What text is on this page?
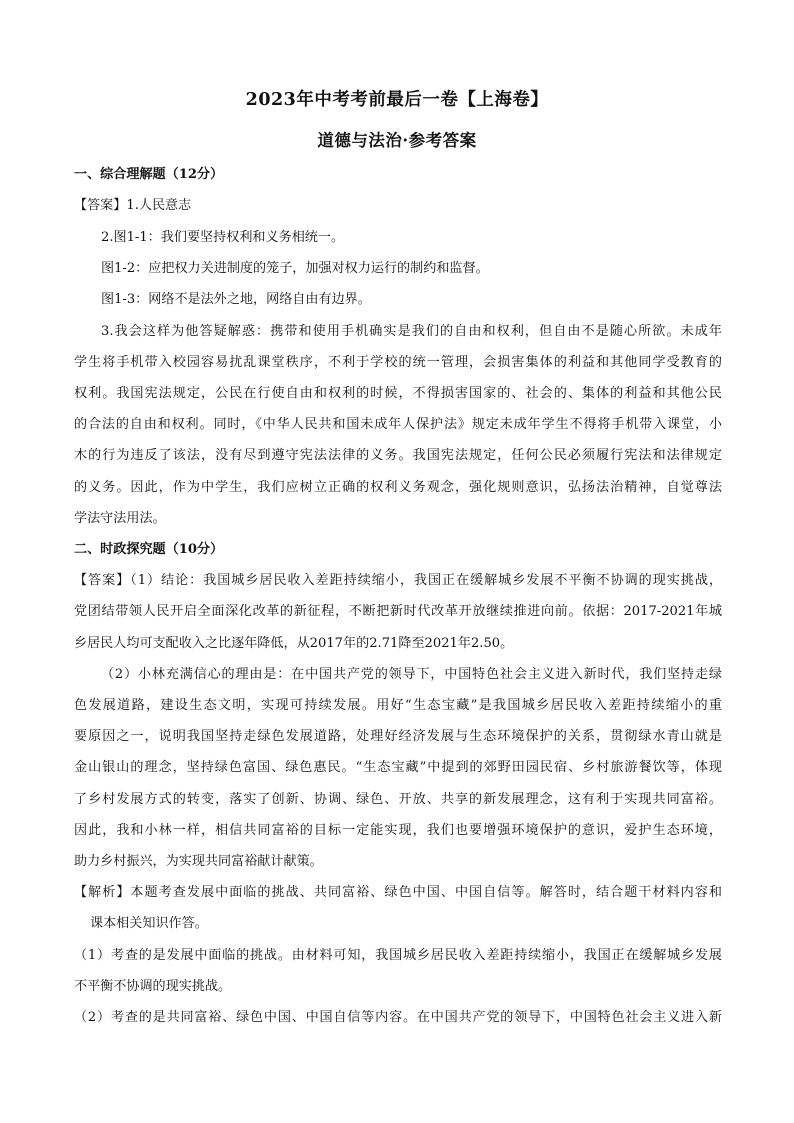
2023年中考考前最后一卷【上海卷】
道德与法治·参考答案
一、综合理解题（12分）
【答案】1.人民意志
2.图1-1：我们要坚持权利和义务相统一。
图1-2：应把权力关进制度的笼子，加强对权力运行的制约和监督。
图1-3：网络不是法外之地，网络自由有边界。
3.我会这样为他答疑解惑：携带和使用手机确实是我们的自由和权利，但自由不是随心所欲。未成年
学生将手机带入校园容易扰乱课堂秩序，不利于学校的统一管理，会损害集体的利益和其他同学受教育的
权利。我国宪法规定，公民在行使自由和权利的时候，不得损害国家的、社会的、集体的利益和其他公民
的合法的自由和权利。同时，《中华人民共和国未成年人保护法》规定未成年学生不得将手机带入课堂，小
木的行为违反了该法，没有尽到遵守宪法法律的义务。我国宪法规定，任何公民必须履行宪法和法律规定
的义务。因此，作为中学生，我们应树立正确的权利义务观念，强化规则意识，弘扬法治精神，自觉尊法
学法守法用法。
二、时政探究题（10分）
【答案】（1）结论：我国城乡居民收入差距持续缩小，我国正在缓解城乡发展不平衡不协调的现实挑战，
党团结带领人民开启全面深化改革的新征程，不断把新时代改革开放继续推进向前。依据：2017-2021年城
乡居民人均可支配收入之比逐年降低，从2017年的2.71降至2021年2.50。
（2）小林充满信心的理由是：在中国共产党的领导下，中国特色社会主义进入新时代，我们坚持走绿
色发展道路，建设生态文明，实现可持续发展。用好“生态宝藏”是我国城乡居民收入差距持续缩小的重
要原因之一，说明我国坚持走绿色发展道路，处理好经济发展与生态环境保护的关系，贯彻绿水青山就是
金山银山的理念，坚持绿色富国、绿色惠民。“生态宝藏”中提到的郊野田园民宿、乡村旅游餐饮等，体现
了乡村发展方式的转变，落实了创新、协调、绿色、开放、共享的新发展理念，这有利于实现共同富裕。
因此，我和小林一样，相信共同富裕的目标一定能实现，我们也要增强环境保护的意识，爱护生态环境，
助力乡村振兴，为实现共同富裕献计献策。
【解析】本题考查发展中面临的挑战、共同富裕、绿色中国、中国自信等。解答时，结合题干材料内容和
课本相关知识作答。
（1）考查的是发展中面临的挑战。由材料可知，我国城乡居民收入差距持续缩小，我国正在缓解城乡发展
不平衡不协调的现实挑战。
（2）考查的是共同富裕、绿色中国、中国自信等内容。在中国共产党的领导下，中国特色社会主义进入新
